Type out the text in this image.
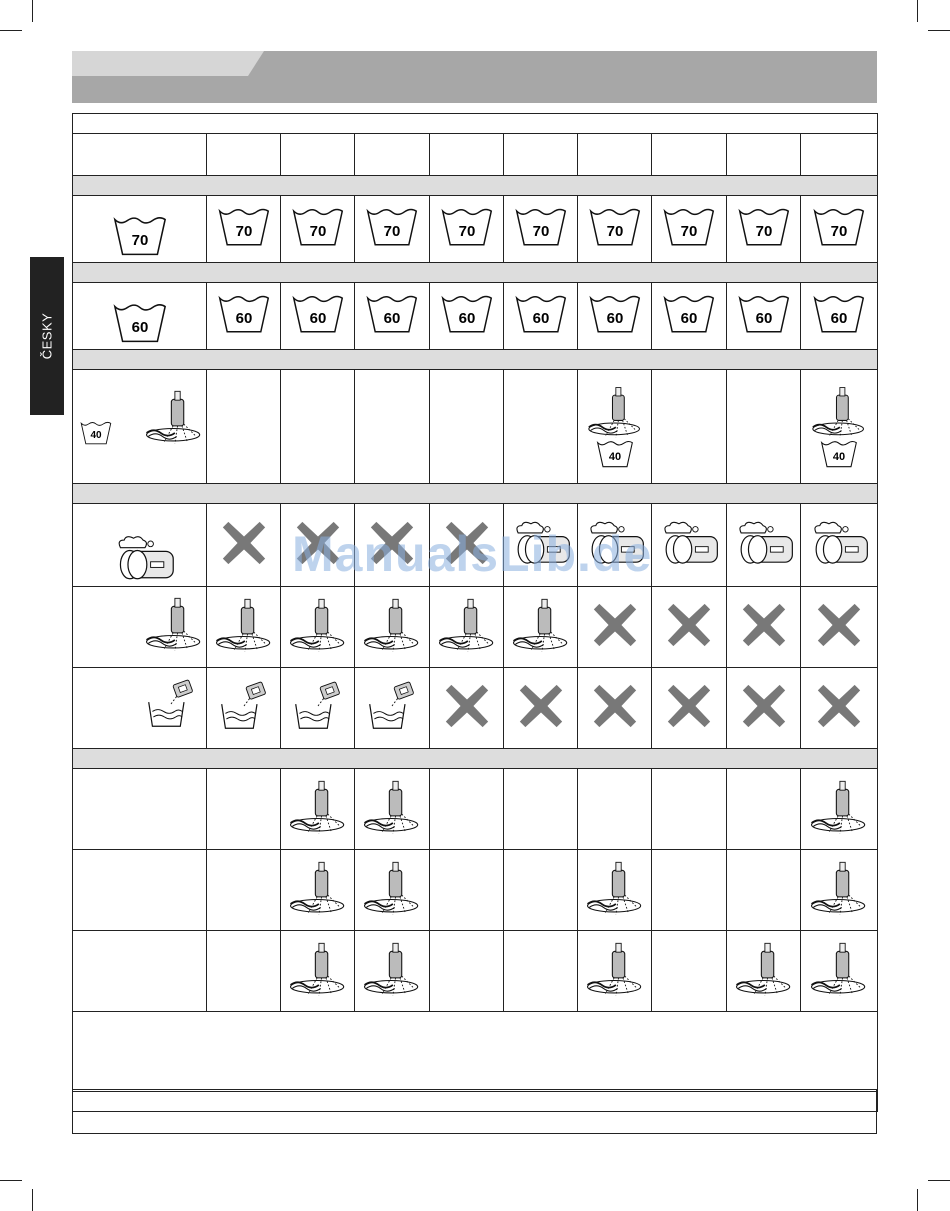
ČESKY

70	70	70	70	70	70	70	70	70	70

60	60	60	60	60	60	60	60	60	60

40						40			40

ManualsLib.de
